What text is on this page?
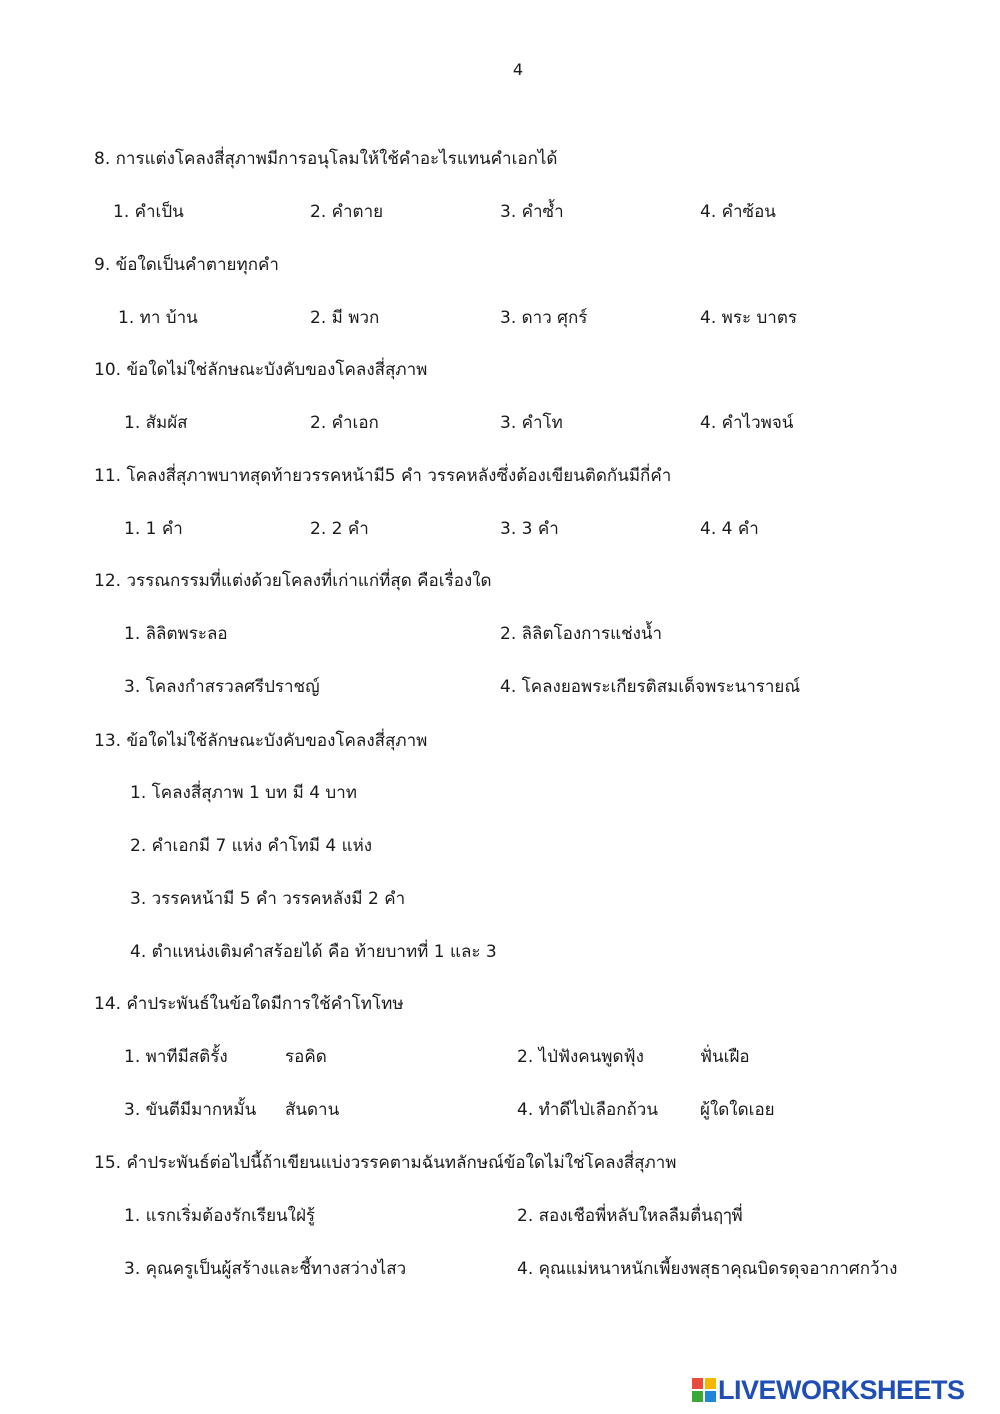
4
8. การแต่งโคลงสี่สุภาพมีการอนุโลมให้ใช้คำอะไรแทนคำเอกได้
1. คำเป็น	2. คำตาย	3. คำซ้ำ	4. คำซ้อน
9. ข้อใดเป็นคำตายทุกคำ
1. ทา บ้าน	2. มี พวก	3. ดาว ศุกร์	4. พระ บาตร
10. ข้อใดไม่ใช่ลักษณะบังคับของโคลงสี่สุภาพ
1. สัมผัส	2. คำเอก	3. คำโท	4. คำไวพจน์
11. โคลงสี่สุภาพบาทสุดท้ายวรรคหน้ามี5 คำ วรรคหลังซึ่งต้องเขียนติดกันมีกี่คำ
1. 1 คำ	2. 2 คำ	3. 3 คำ	4. 4 คำ
12. วรรณกรรมที่แต่งด้วยโคลงที่เก่าแก่ที่สุด คือเรื่องใด
1. ลิลิตพระลอ	2. ลิลิตโองการแช่งน้ำ
3. โคลงกำสรวลศรีปราชญ์	4. โคลงยอพระเกียรติสมเด็จพระนารายณ์
13. ข้อใดไม่ใช้ลักษณะบังคับของโคลงสี่สุภาพ
1. โคลงสี่สุภาพ 1 บท มี 4 บาท
2. คำเอกมี 7 แห่ง คำโทมี 4 แห่ง
3. วรรคหน้ามี 5 คำ วรรคหลังมี 2 คำ
4. ตำแหน่งเติมคำสร้อยได้ คือ ท้ายบาทที่ 1 และ 3
14. คำประพันธ์ในข้อใดมีการใช้คำโทโทษ
1. พาทีมีสติรั้ง	รอคิด	2. ไป่ฟังคนพูดฟุ้ง	ฟั่นเฝือ
3. ขันตีมีมากหมั้น สันดาน	4. ทำดีไป่เลือกถ้วน ผู้ใดใดเอย
15. คำประพันธ์ต่อไปนี้ถ้าเขียนแบ่งวรรคตามฉันทลักษณ์ข้อใดไม่ใช่โคลงสี่สุภาพ
1. แรกเริ่มต้องรักเรียนใฝ่รู้	2. สองเชือพี่หลับใหลลืมตื่นฤๅพี่
3. คุณครูเป็นผู้สร้างและชี้ทางสว่างไสว	4. คุณแม่หนาหนักเพี้ยงพสุธาคุณบิดรดุจอากาศกว้าง
LIVEWORKSHEETS
